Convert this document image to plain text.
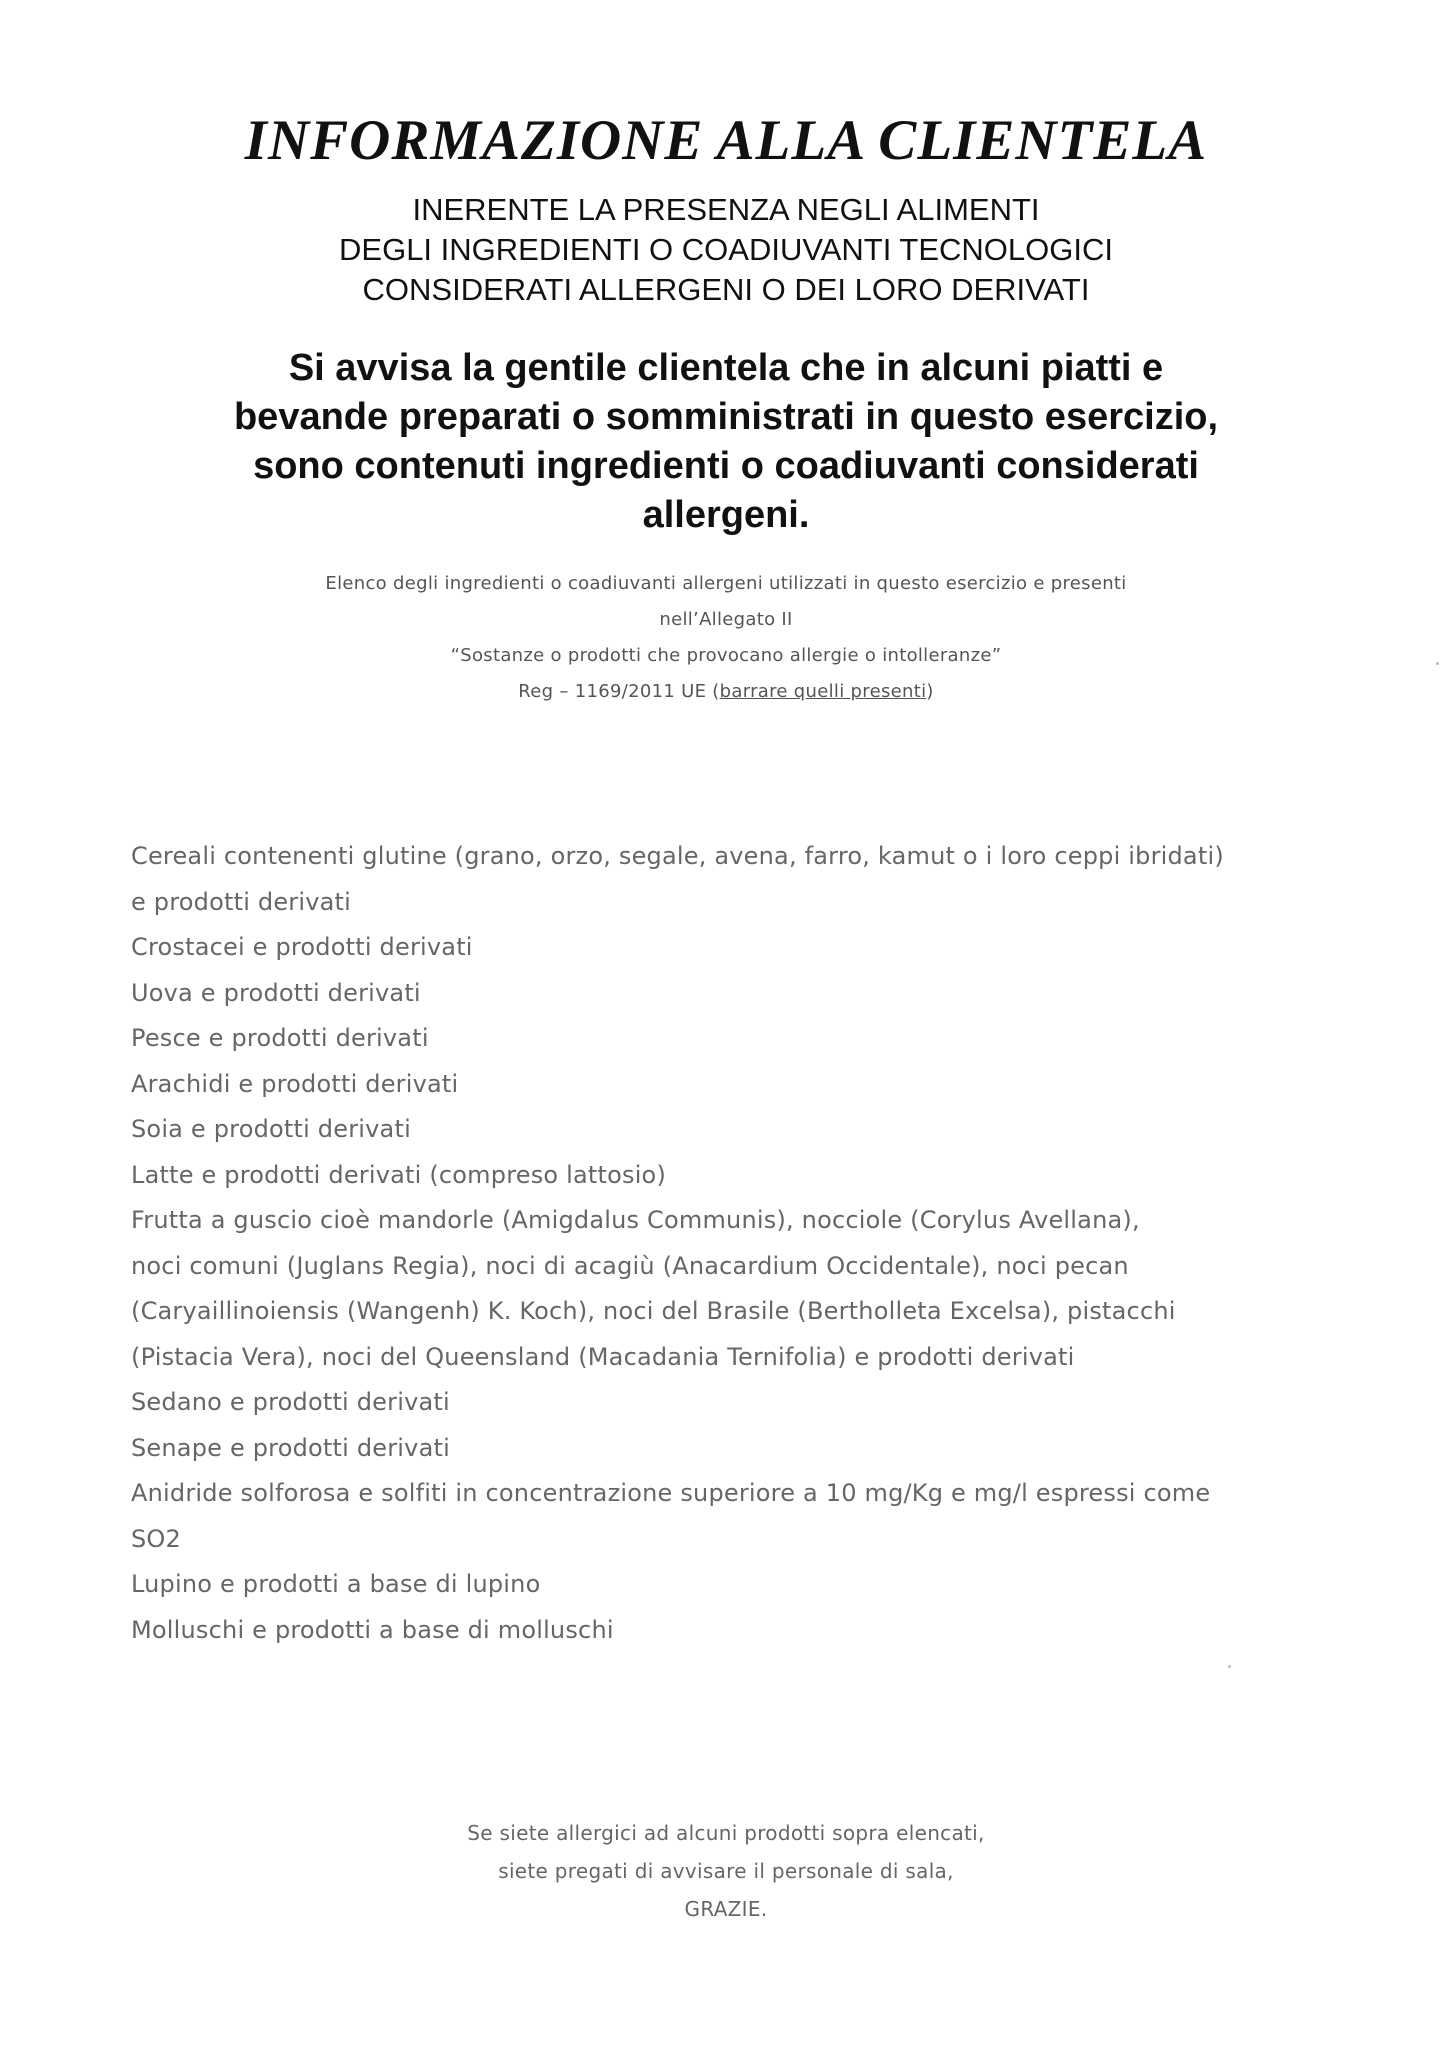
INFORMAZIONE ALLA CLIENTELA
INERENTE LA PRESENZA NEGLI ALIMENTI
DEGLI INGREDIENTI O COADIUVANTI TECNOLOGICI
CONSIDERATI ALLERGENI O DEI LORO DERIVATI
Si avvisa la gentile clientela che in alcuni piatti e
bevande preparati o somministrati in questo esercizio,
sono contenuti ingredienti o coadiuvanti considerati
allergeni.
Elenco degli ingredienti o coadiuvanti allergeni utilizzati in questo esercizio e presenti
nell’Allegato II
“Sostanze o prodotti che provocano allergie o intolleranze”
Reg – 1169/2011 UE (barrare quelli presenti)
Cereali contenenti glutine (grano, orzo, segale, avena, farro, kamut o i loro ceppi ibridati)
e prodotti derivati
Crostacei e prodotti derivati
Uova e prodotti derivati
Pesce e prodotti derivati
Arachidi e prodotti derivati
Soia e prodotti derivati
Latte e prodotti derivati (compreso lattosio)
Frutta a guscio cioè mandorle (Amigdalus Communis), nocciole (Corylus Avellana),
noci comuni (Juglans Regia), noci di acagiù (Anacardium Occidentale), noci pecan
(Caryaillinoiensis (Wangenh) K. Koch), noci del Brasile (Bertholleta Excelsa), pistacchi
(Pistacia Vera), noci del Queensland (Macadania Ternifolia) e prodotti derivati
Sedano e prodotti derivati
Senape e prodotti derivati
Anidride solforosa e solfiti in concentrazione superiore a 10 mg/Kg e mg/l espressi come
SO2
Lupino e prodotti a base di lupino
Molluschi e prodotti a base di molluschi
Se siete allergici ad alcuni prodotti sopra elencati,
siete pregati di avvisare il personale di sala,
GRAZIE.
